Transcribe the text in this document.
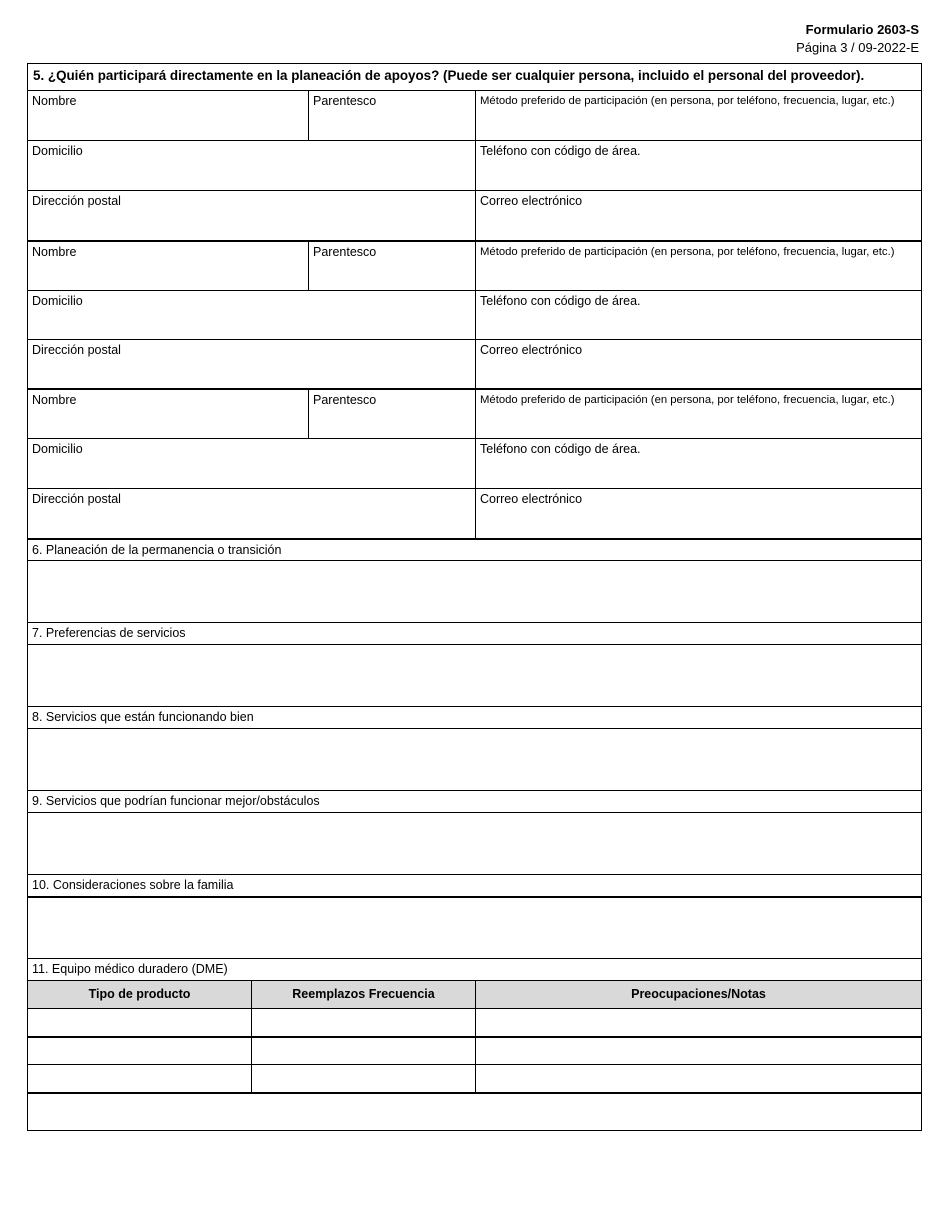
Formulario 2603-S
Página 3 / 09-2022-E
5. ¿Quién participará directamente en la planeación de apoyos? (Puede ser cualquier persona, incluido el personal del proveedor).
Nombre	Parentesco	Método preferido de participación (en persona, por teléfono, frecuencia, lugar, etc.)
Domicilio	Teléfono con código de área.
Dirección postal	Correo electrónico
Nombre	Parentesco	Método preferido de participación (en persona, por teléfono, frecuencia, lugar, etc.)
Domicilio	Teléfono con código de área.
Dirección postal	Correo electrónico
Nombre	Parentesco	Método preferido de participación (en persona, por teléfono, frecuencia, lugar, etc.)
Domicilio	Teléfono con código de área.
Dirección postal	Correo electrónico
6. Planeación de la permanencia o transición
7. Preferencias de servicios
8. Servicios que están funcionando bien
9. Servicios que podrían funcionar mejor/obstáculos
10. Consideraciones sobre la familia
11. Equipo médico duradero (DME)
Tipo de producto	Reemplazos Frecuencia	Preocupaciones/Notas
